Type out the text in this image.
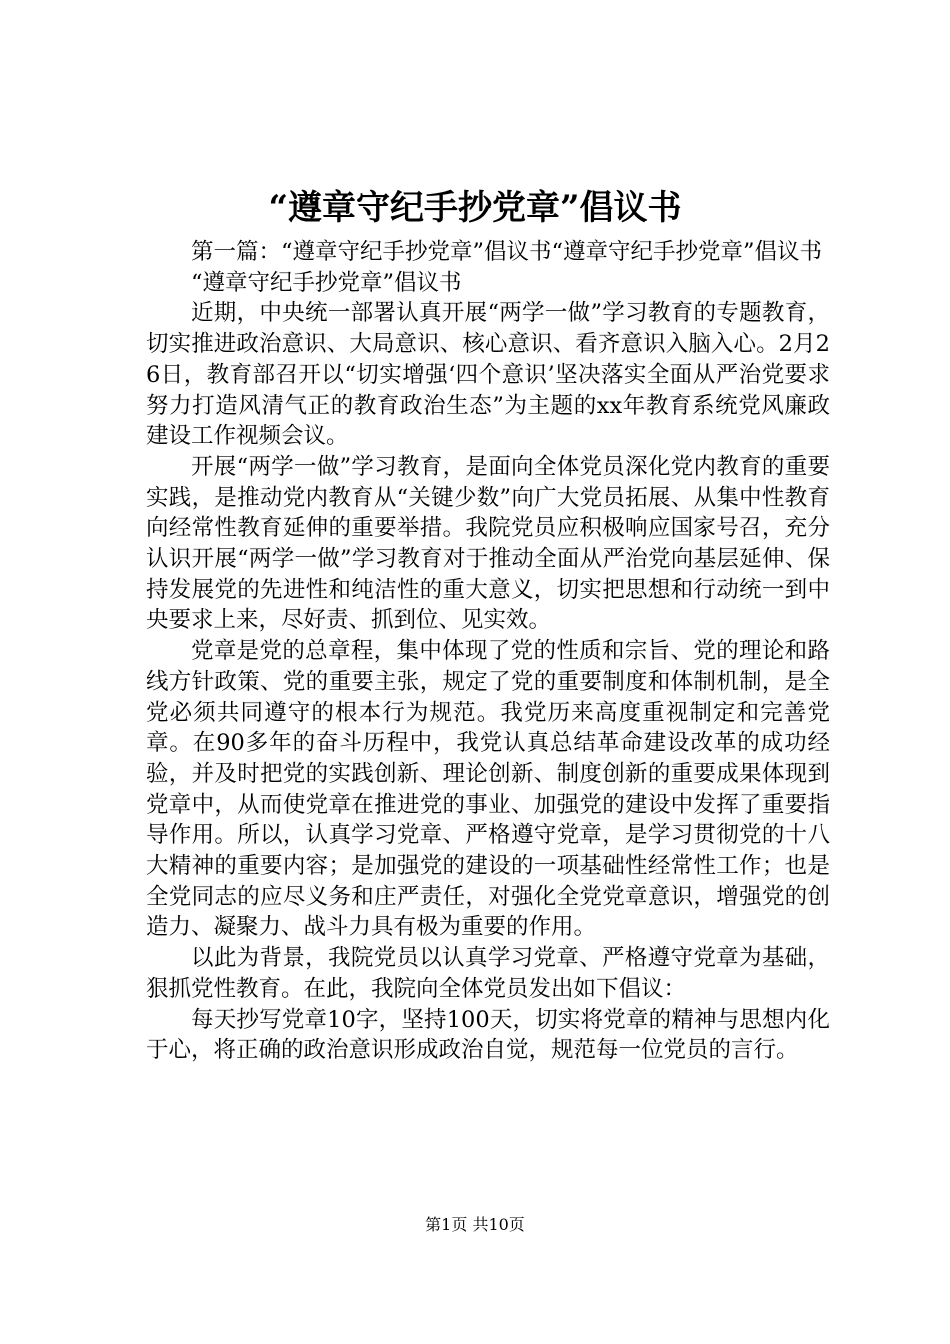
“遵章守纪手抄党章”倡议书

第一篇：“遵章守纪手抄党章”倡议书“遵章守纪手抄党章”倡议书

“遵章守纪手抄党章”倡议书

近期，中央统一部署认真开展“两学一做”学习教育的专题教育，切实推进政治意识、大局意识、核心意识、看齐意识入脑入心。2月26日，教育部召开以“切实增强‘四个意识’坚决落实全面从严治党要求努力打造风清气正的教育政治生态”为主题的xx年教育系统党风廉政建设工作视频会议。

开展“两学一做”学习教育，是面向全体党员深化党内教育的重要实践，是推动党内教育从“关键少数”向广大党员拓展、从集中性教育向经常性教育延伸的重要举措。我院党员应积极响应国家号召，充分认识开展“两学一做”学习教育对于推动全面从严治党向基层延伸、保持发展党的先进性和纯洁性的重大意义，切实把思想和行动统一到中央要求上来，尽好责、抓到位、见实效。

党章是党的总章程，集中体现了党的性质和宗旨、党的理论和路线方针政策、党的重要主张，规定了党的重要制度和体制机制，是全党必须共同遵守的根本行为规范。我党历来高度重视制定和完善党章。在90多年的奋斗历程中，我党认真总结革命建设改革的成功经验，并及时把党的实践创新、理论创新、制度创新的重要成果体现到党章中，从而使党章在推进党的事业、加强党的建设中发挥了重要指导作用。所以，认真学习党章、严格遵守党章，是学习贯彻党的十八大精神的重要内容；是加强党的建设的一项基础性经常性工作；也是全党同志的应尽义务和庄严责任，对强化全党党章意识，增强党的创造力、凝聚力、战斗力具有极为重要的作用。

以此为背景，我院党员以认真学习党章、严格遵守党章为基础，狠抓党性教育。在此，我院向全体党员发出如下倡议：

每天抄写党章10字，坚持100天，切实将党章的精神与思想内化于心，将正确的政治意识形成政治自觉，规范每一位党员的言行。

第1页 共10页
